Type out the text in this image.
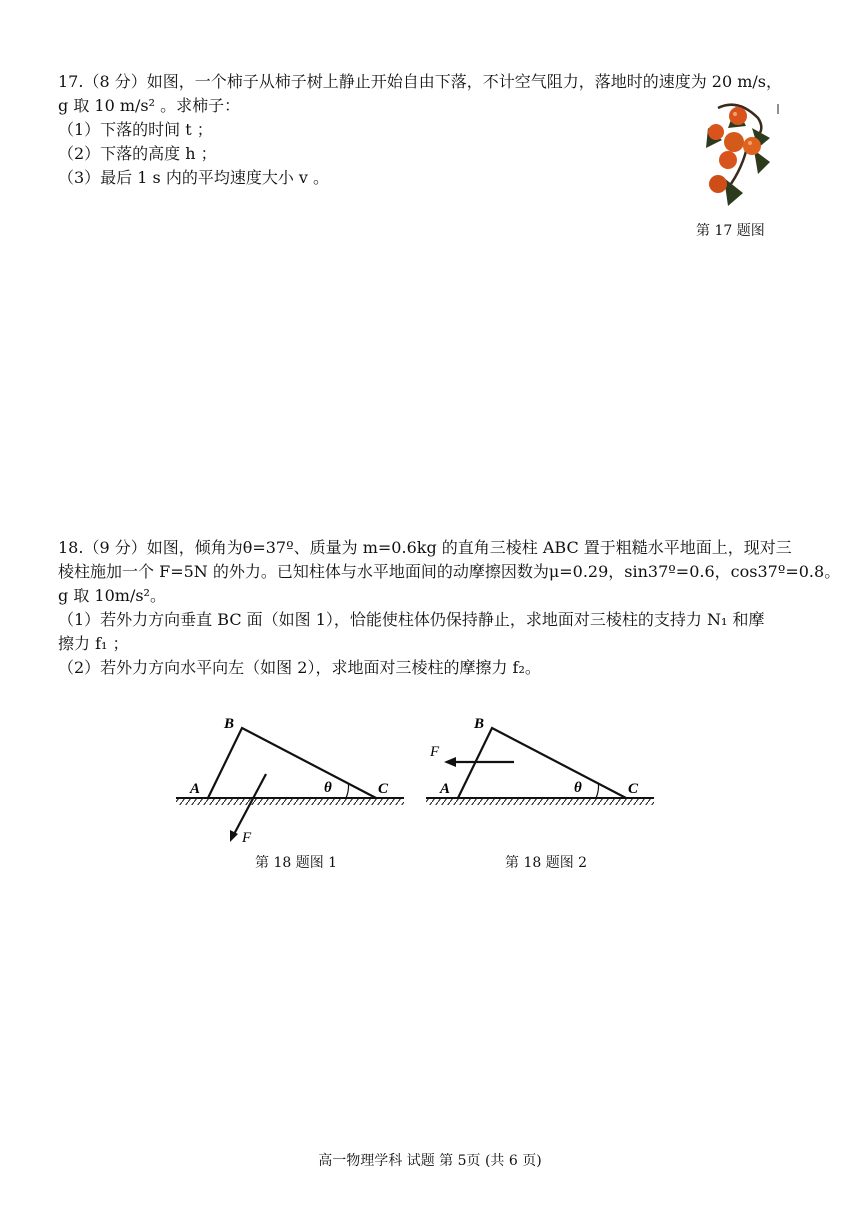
17.（8 分）如图，一个柿子从柿子树上静止开始自由下落，不计空气阻力，落地时的速度为 20 m/s，
g 取 10 m/s² 。求柿子：
（1）下落的时间 t ；
（2）下落的高度 h ；
（3）最后 1 s 内的平均速度大小 v 。
第 17 题图
18.（9 分）如图，倾角为θ=37º、质量为 m=0.6kg 的直角三棱柱 ABC 置于粗糙水平地面上，现对三
棱柱施加一个 F=5N 的外力。已知柱体与水平地面间的动摩擦因数为μ=0.29，sin37º=0.6，cos37º=0.8。
g 取 10m/s²。
（1）若外力方向垂直 BC 面（如图 1），恰能使柱体仍保持静止，求地面对三棱柱的支持力 N₁ 和摩
擦力 f₁ ；
（2）若外力方向水平向左（如图 2），求地面对三棱柱的摩擦力 f₂。
B
A	C
θ
F
第 18 题图 1
B
A	C
θ
F
第 18 题图 2
高一物理学科 试题 第 5页 (共 6 页)
